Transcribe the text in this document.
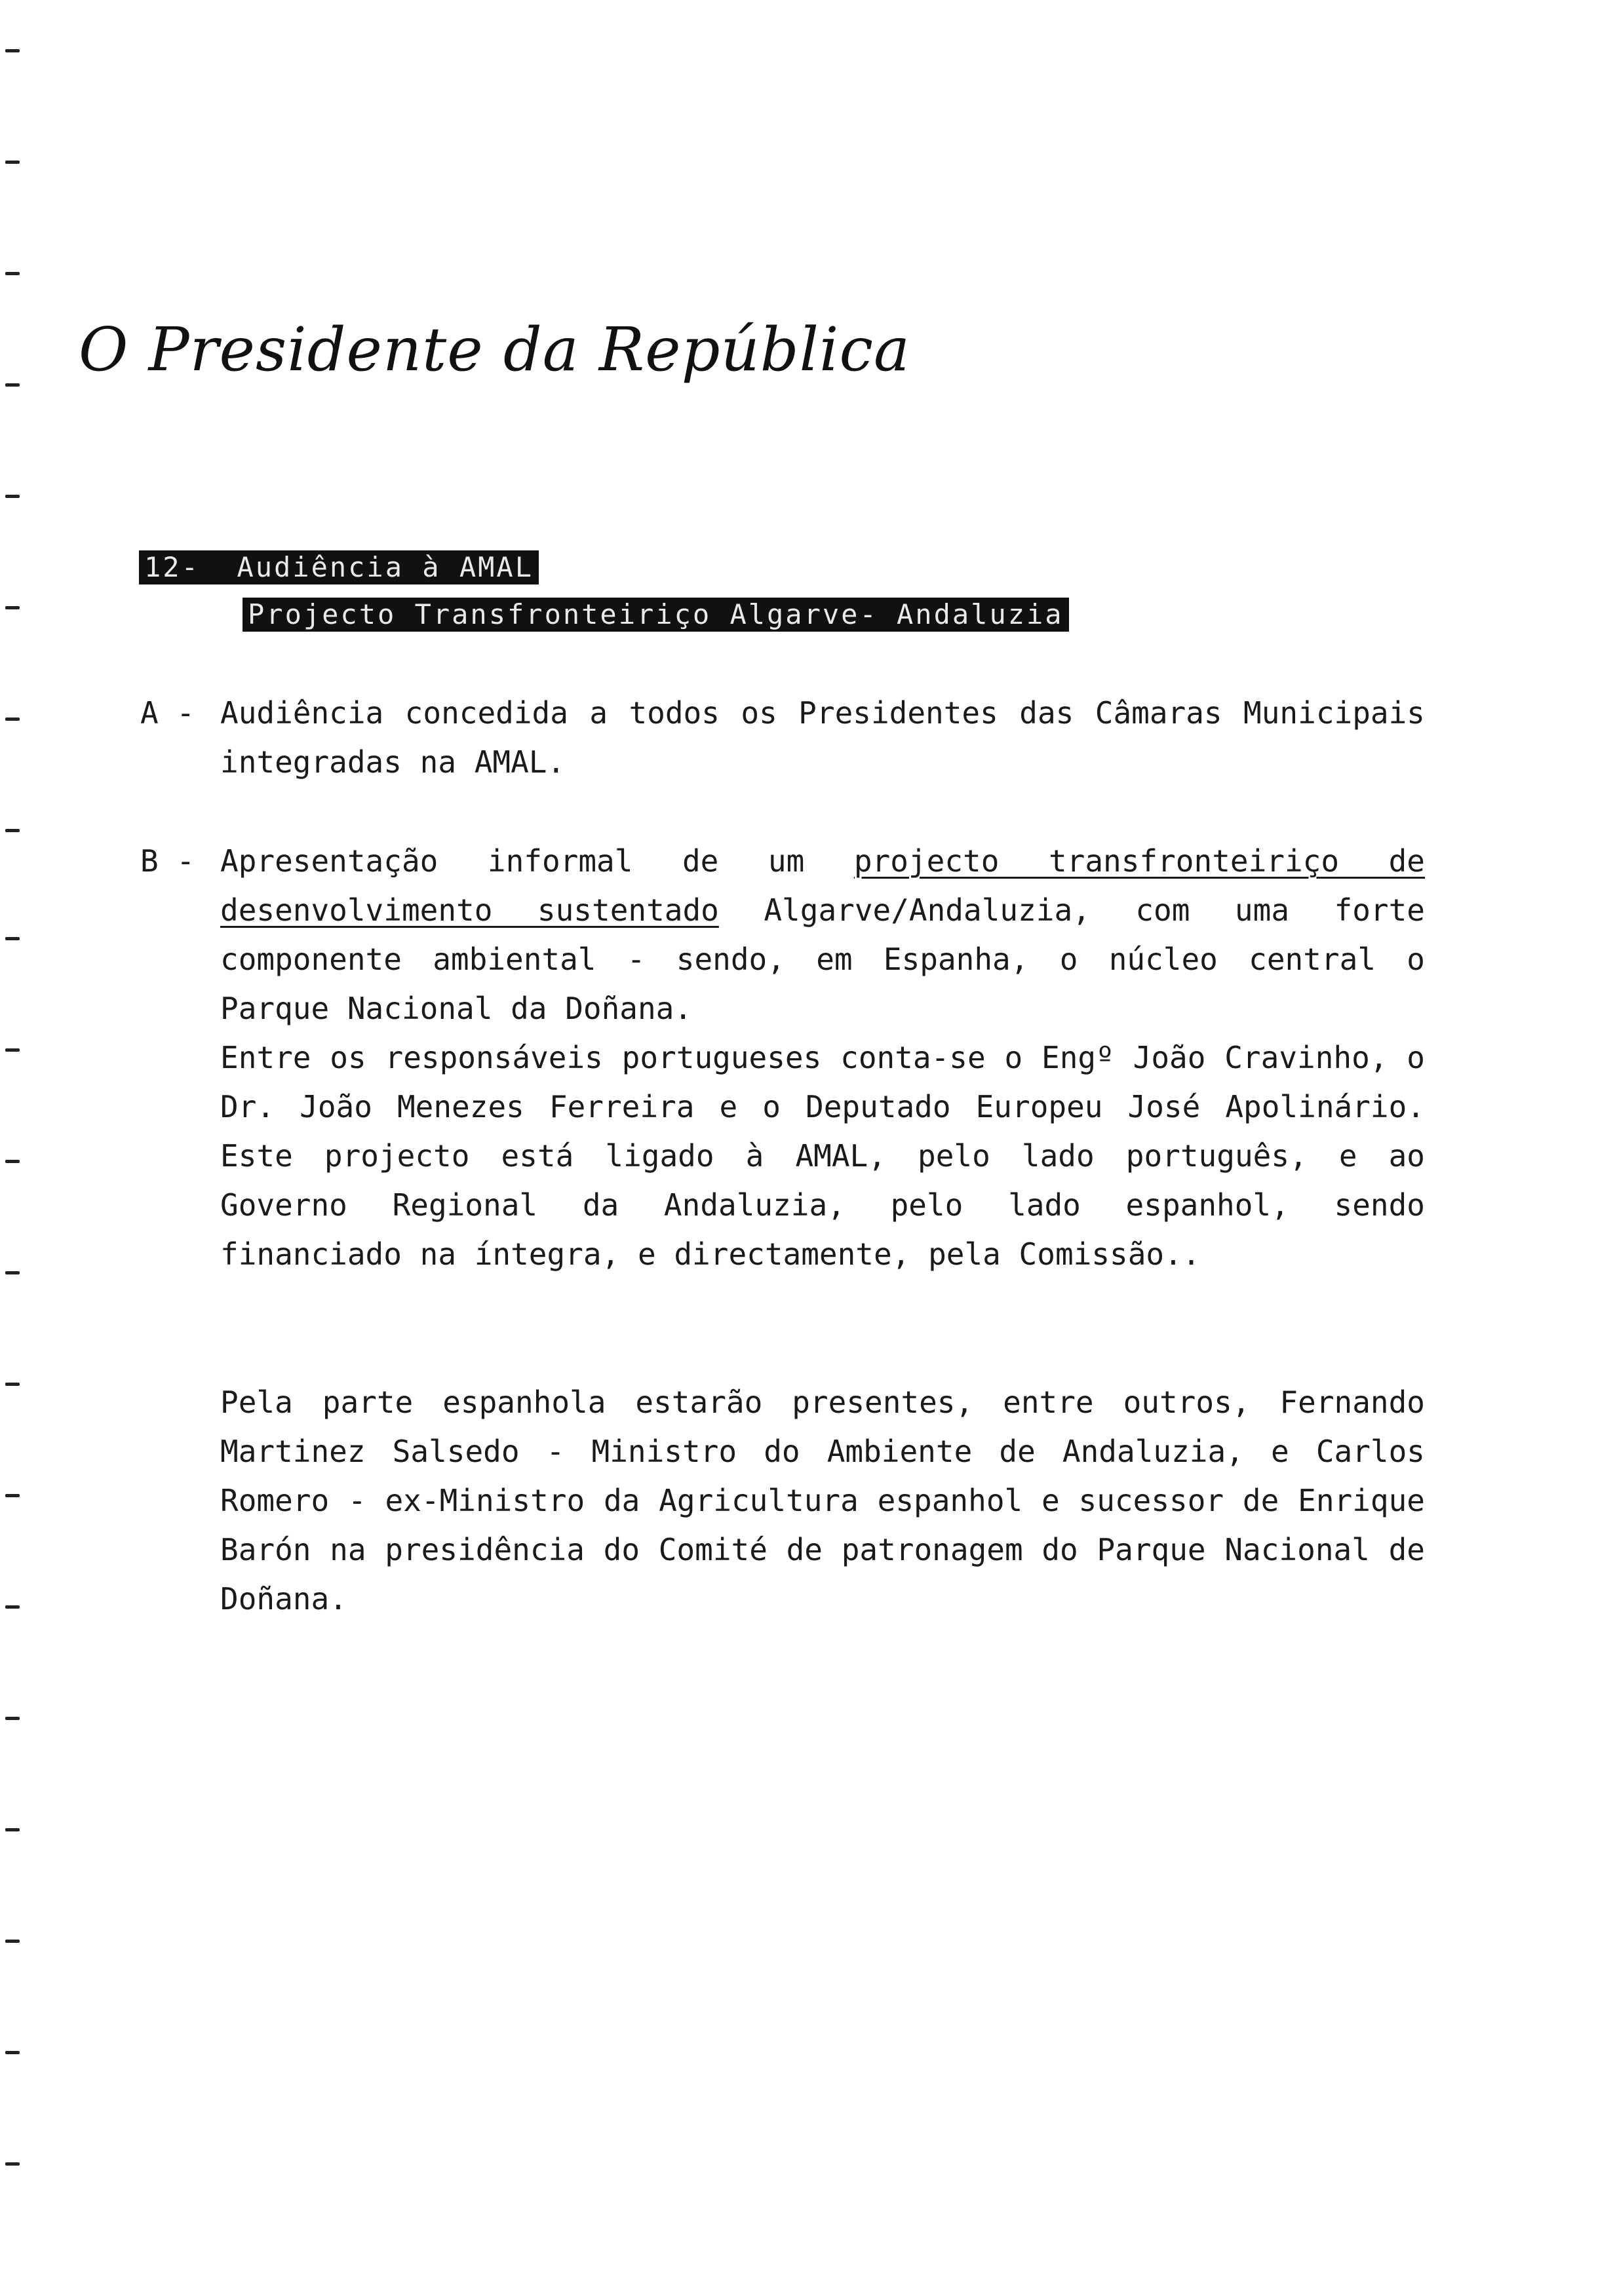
O Presidente da República
12-  Audiência à AMAL
Projecto Transfronteiriço Algarve- Andaluzia
A - Audiência concedida a todos os Presidentes das Câmaras Municipais integradas na AMAL.
B - Apresentação informal de um projecto transfronteiriço de desenvolvimento sustentado Algarve/Andaluzia, com uma forte componente ambiental - sendo, em Espanha, o núcleo central o Parque Nacional da Doñana.
Entre os responsáveis portugueses conta-se o Engº João Cravinho, o Dr. João Menezes Ferreira e o Deputado Europeu José Apolinário. Este projecto está ligado à AMAL, pelo lado português, e ao Governo Regional da Andaluzia, pelo lado espanhol, sendo financiado na íntegra, e directamente, pela Comissão..
Pela parte espanhola estarão presentes, entre outros, Fernando Martinez Salsedo - Ministro do Ambiente de Andaluzia, e Carlos Romero - ex-Ministro da Agricultura espanhol e sucessor de Enrique Barón na presidência do Comité de patronagem do Parque Nacional de Doñana.
